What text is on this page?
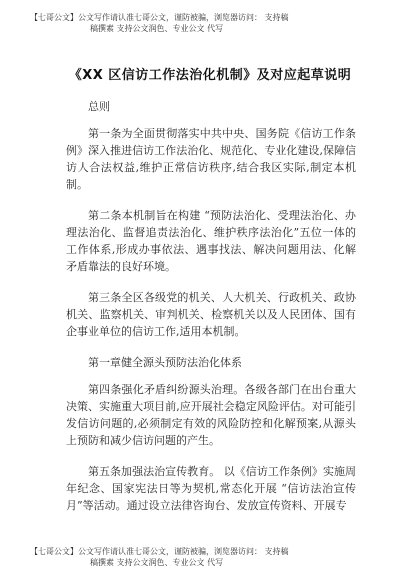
【七哥公文】公文写作请认准七哥公文，谨防被骗，浏览器访问： 支持稿
稿撰素 支持公文润色、专业公文 代写
《XX 区信访工作法治化机制》及对应起草说明

总则

第一条为全面贯彻落实中共中央、国务院《信访工作条例》深入推进信访工作法治化、规范化、专业化建设,保障信访人合法权益,维护正常信访秩序,结合我区实际,制定本机制。

第二条本机制旨在构建 “预防法治化、受理法治化、办 理法治化、监督追责法治化、维护秩序法治化”五位一体的 工作体系,形成办事依法、遇事找法、解决问题用法、化解 矛盾靠法的良好环境。

第三条全区各级党的机关、人大机关、行政机关、政协机关、监察机关、审判机关、检察机关以及人民团体、国有企事业单位的信访工作,适用本机制。

第一章健全源头预防法治化体系

第四条强化矛盾纠纷源头治理。各级各部门在出台重大决策、实施重大项目前,应开展社会稳定风险评估。对可能引发信访问题的,必须制定有效的风险防控和化解预案,从源头上预防和减少信访问题的产生。

第五条加强法治宣传教育。 以《信访工作条例》实施周 年纪念、国家宪法日等为契机,常态化开展 “信访法治宣传 月”等活动。通过设立法律咨询台、发放宣传资料、开展专

【七哥公文】公文写作请认准七哥公文，谨防被骗，浏览器访问： 支持稿
稿撰素 支持公文润色、专业公文 代写
